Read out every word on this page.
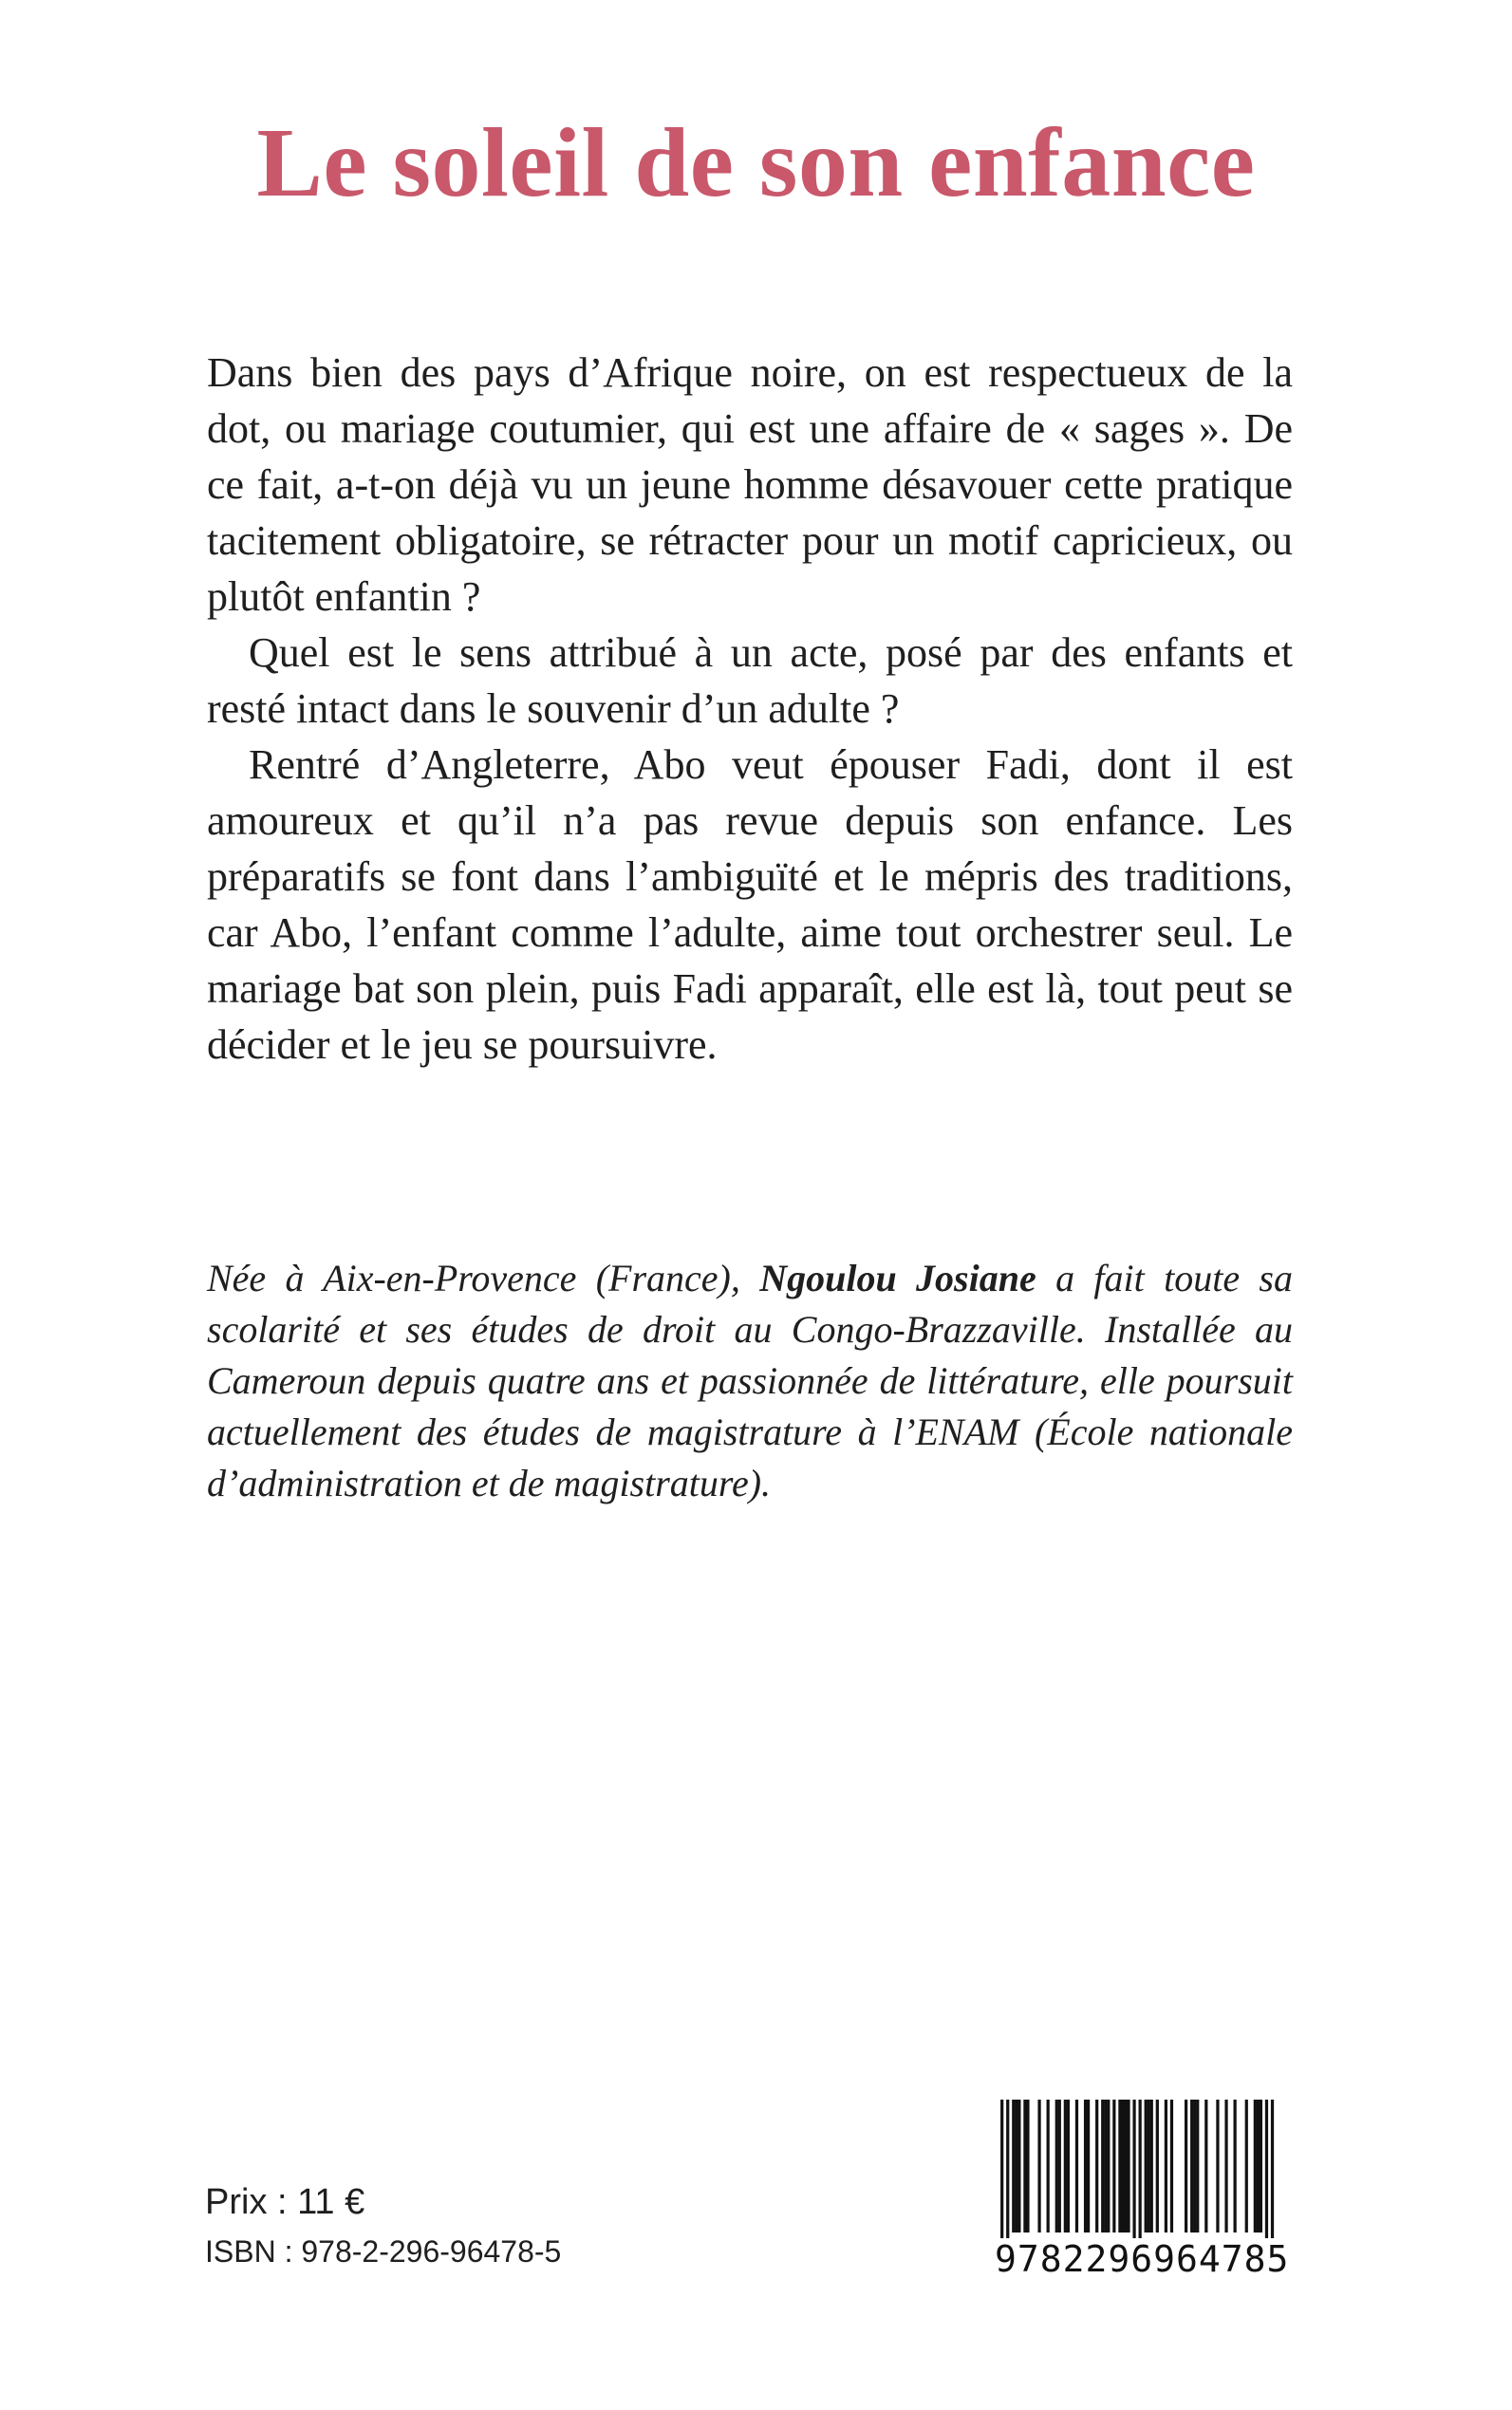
Le soleil de son enfance

Dans bien des pays d’Afrique noire, on est respectueux de la dot, ou mariage coutumier, qui est une affaire de « sages ». De ce fait, a-t-on déjà vu un jeune homme désavouer cette pratique tacitement obligatoire, se rétracter pour un motif capricieux, ou plutôt enfantin ?

Quel est le sens attribué à un acte, posé par des enfants et resté intact dans le souvenir d’un adulte ?

Rentré d’Angleterre, Abo veut épouser Fadi, dont il est amoureux et qu’il n’a pas revue depuis son enfance. Les préparatifs se font dans l’ambiguïté et le mépris des traditions, car Abo, l’enfant comme l’adulte, aime tout orchestrer seul. Le mariage bat son plein, puis Fadi apparaît, elle est là, tout peut se décider et le jeu se poursuivre.

Née à Aix-en-Provence (France), Ngoulou Josiane a fait toute sa scolarité et ses études de droit au Congo-Brazzaville. Installée au Cameroun depuis quatre ans et passionnée de littérature, elle poursuit actuellement des études de magistrature à l’ENAM (École nationale d’administration et de magistrature).

Prix : 11 €
ISBN : 978-2-296-96478-5	9782296964785
